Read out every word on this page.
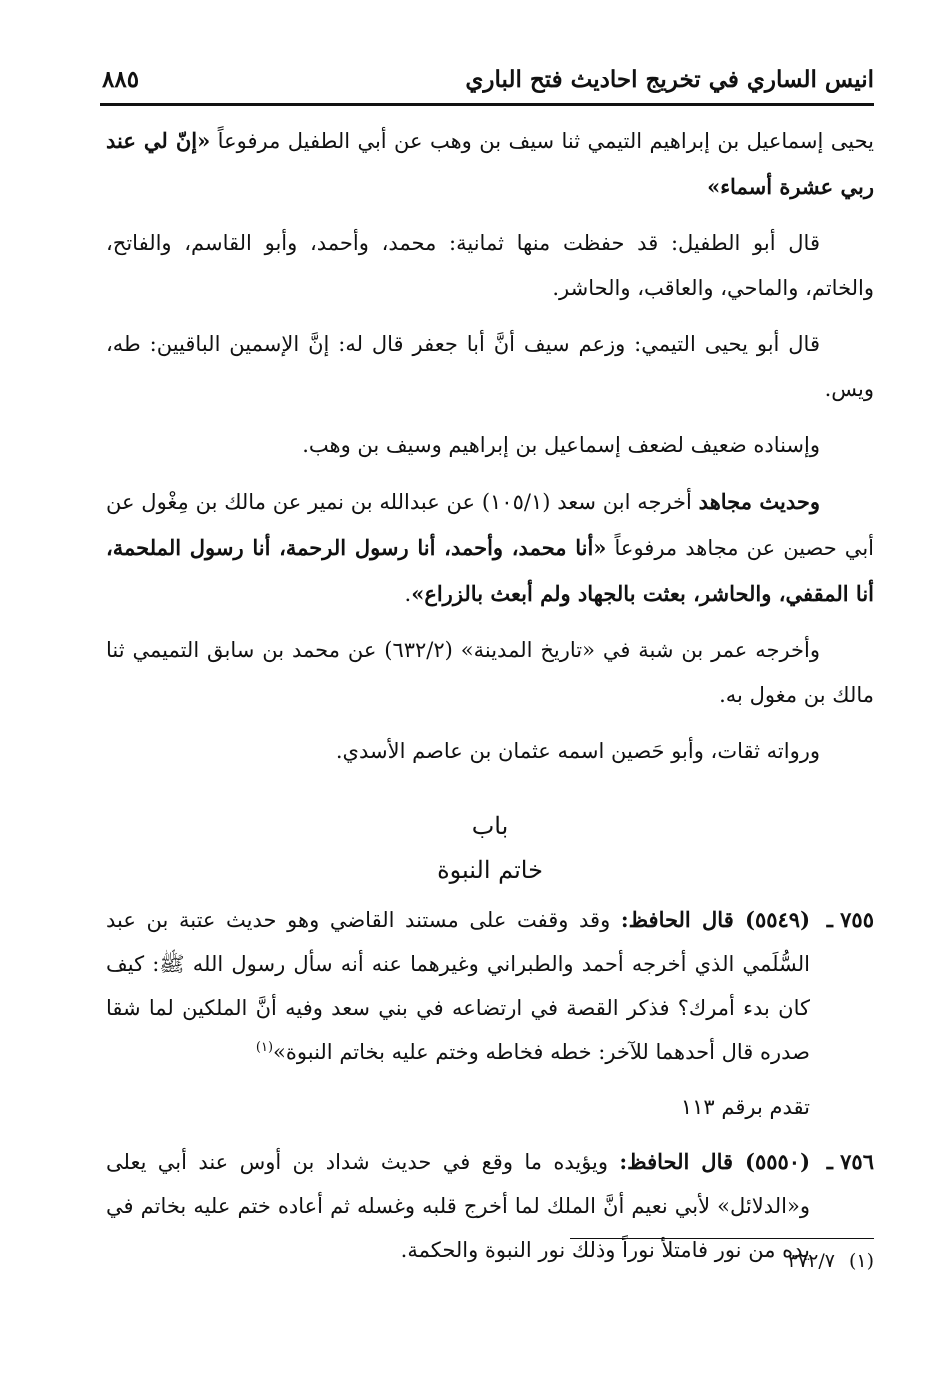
انيس الساري في تخريج احاديث فتح الباري
٨٨٥

يحيى إسماعيل بن إبراهيم التيمي ثنا سيف بن وهب عن أبي الطفيل مرفوعاً «إنّ لي عند ربي عشرة أسماء»

قال أبو الطفيل: قد حفظت منها ثمانية: محمد، وأحمد، وأبو القاسم، والفاتح، والخاتم، والماحي، والعاقب، والحاشر.

قال أبو يحيى التيمي: وزعم سيف أنَّ أبا جعفر قال له: إنَّ الإسمين الباقيين: طه، ويس.

وإسناده ضعيف لضعف إسماعيل بن إبراهيم وسيف بن وهب.

وحديث مجاهد أخرجه ابن سعد (١٠٥/١) عن عبدالله بن نمير عن مالك بن مِغْول عن أبي حصين عن مجاهد مرفوعاً «أنا محمد، وأحمد، أنا رسول الرحمة، أنا رسول الملحمة، أنا المقفي، والحاشر، بعثت بالجهاد ولم أبعث بالزراع».

وأخرجه عمر بن شبة في «تاريخ المدينة» (٦٣٢/٢) عن محمد بن سابق التميمي ثنا مالك بن مغول به.

ورواته ثقات، وأبو حَصين اسمه عثمان بن عاصم الأسدي.

باب
خاتم النبوة
٧٥٥ ـ
(٥٥٤٩) قال الحافظ: وقد وقفت على مستند القاضي وهو حديث عتبة بن عبد السُّلَمي الذي أخرجه أحمد والطبراني وغيرهما عنه أنه سأل رسول الله ﷺ: كيف كان بدء أمرك؟ فذكر القصة في ارتضاعه في بني سعد وفيه أنَّ الملكين لما شقا صدره قال أحدهما للآخر: خطه فخاطه وختم عليه بخاتم النبوة»$^{(١)}$
تقدم برقم ١١٣
٧٥٦ ـ
(٥٥٥٠) قال الحافظ: ويؤيده ما وقع في حديث شداد بن أوس عند أبي يعلى و«الدلائل» لأبي نعيم أنَّ الملك لما أخرج قلبه وغسله ثم أعاده ختم عليه بخاتم في يده من نور فامتلأ نوراً وذلك نور النبوة والحكمة.	(١)٣٧٢/٧
